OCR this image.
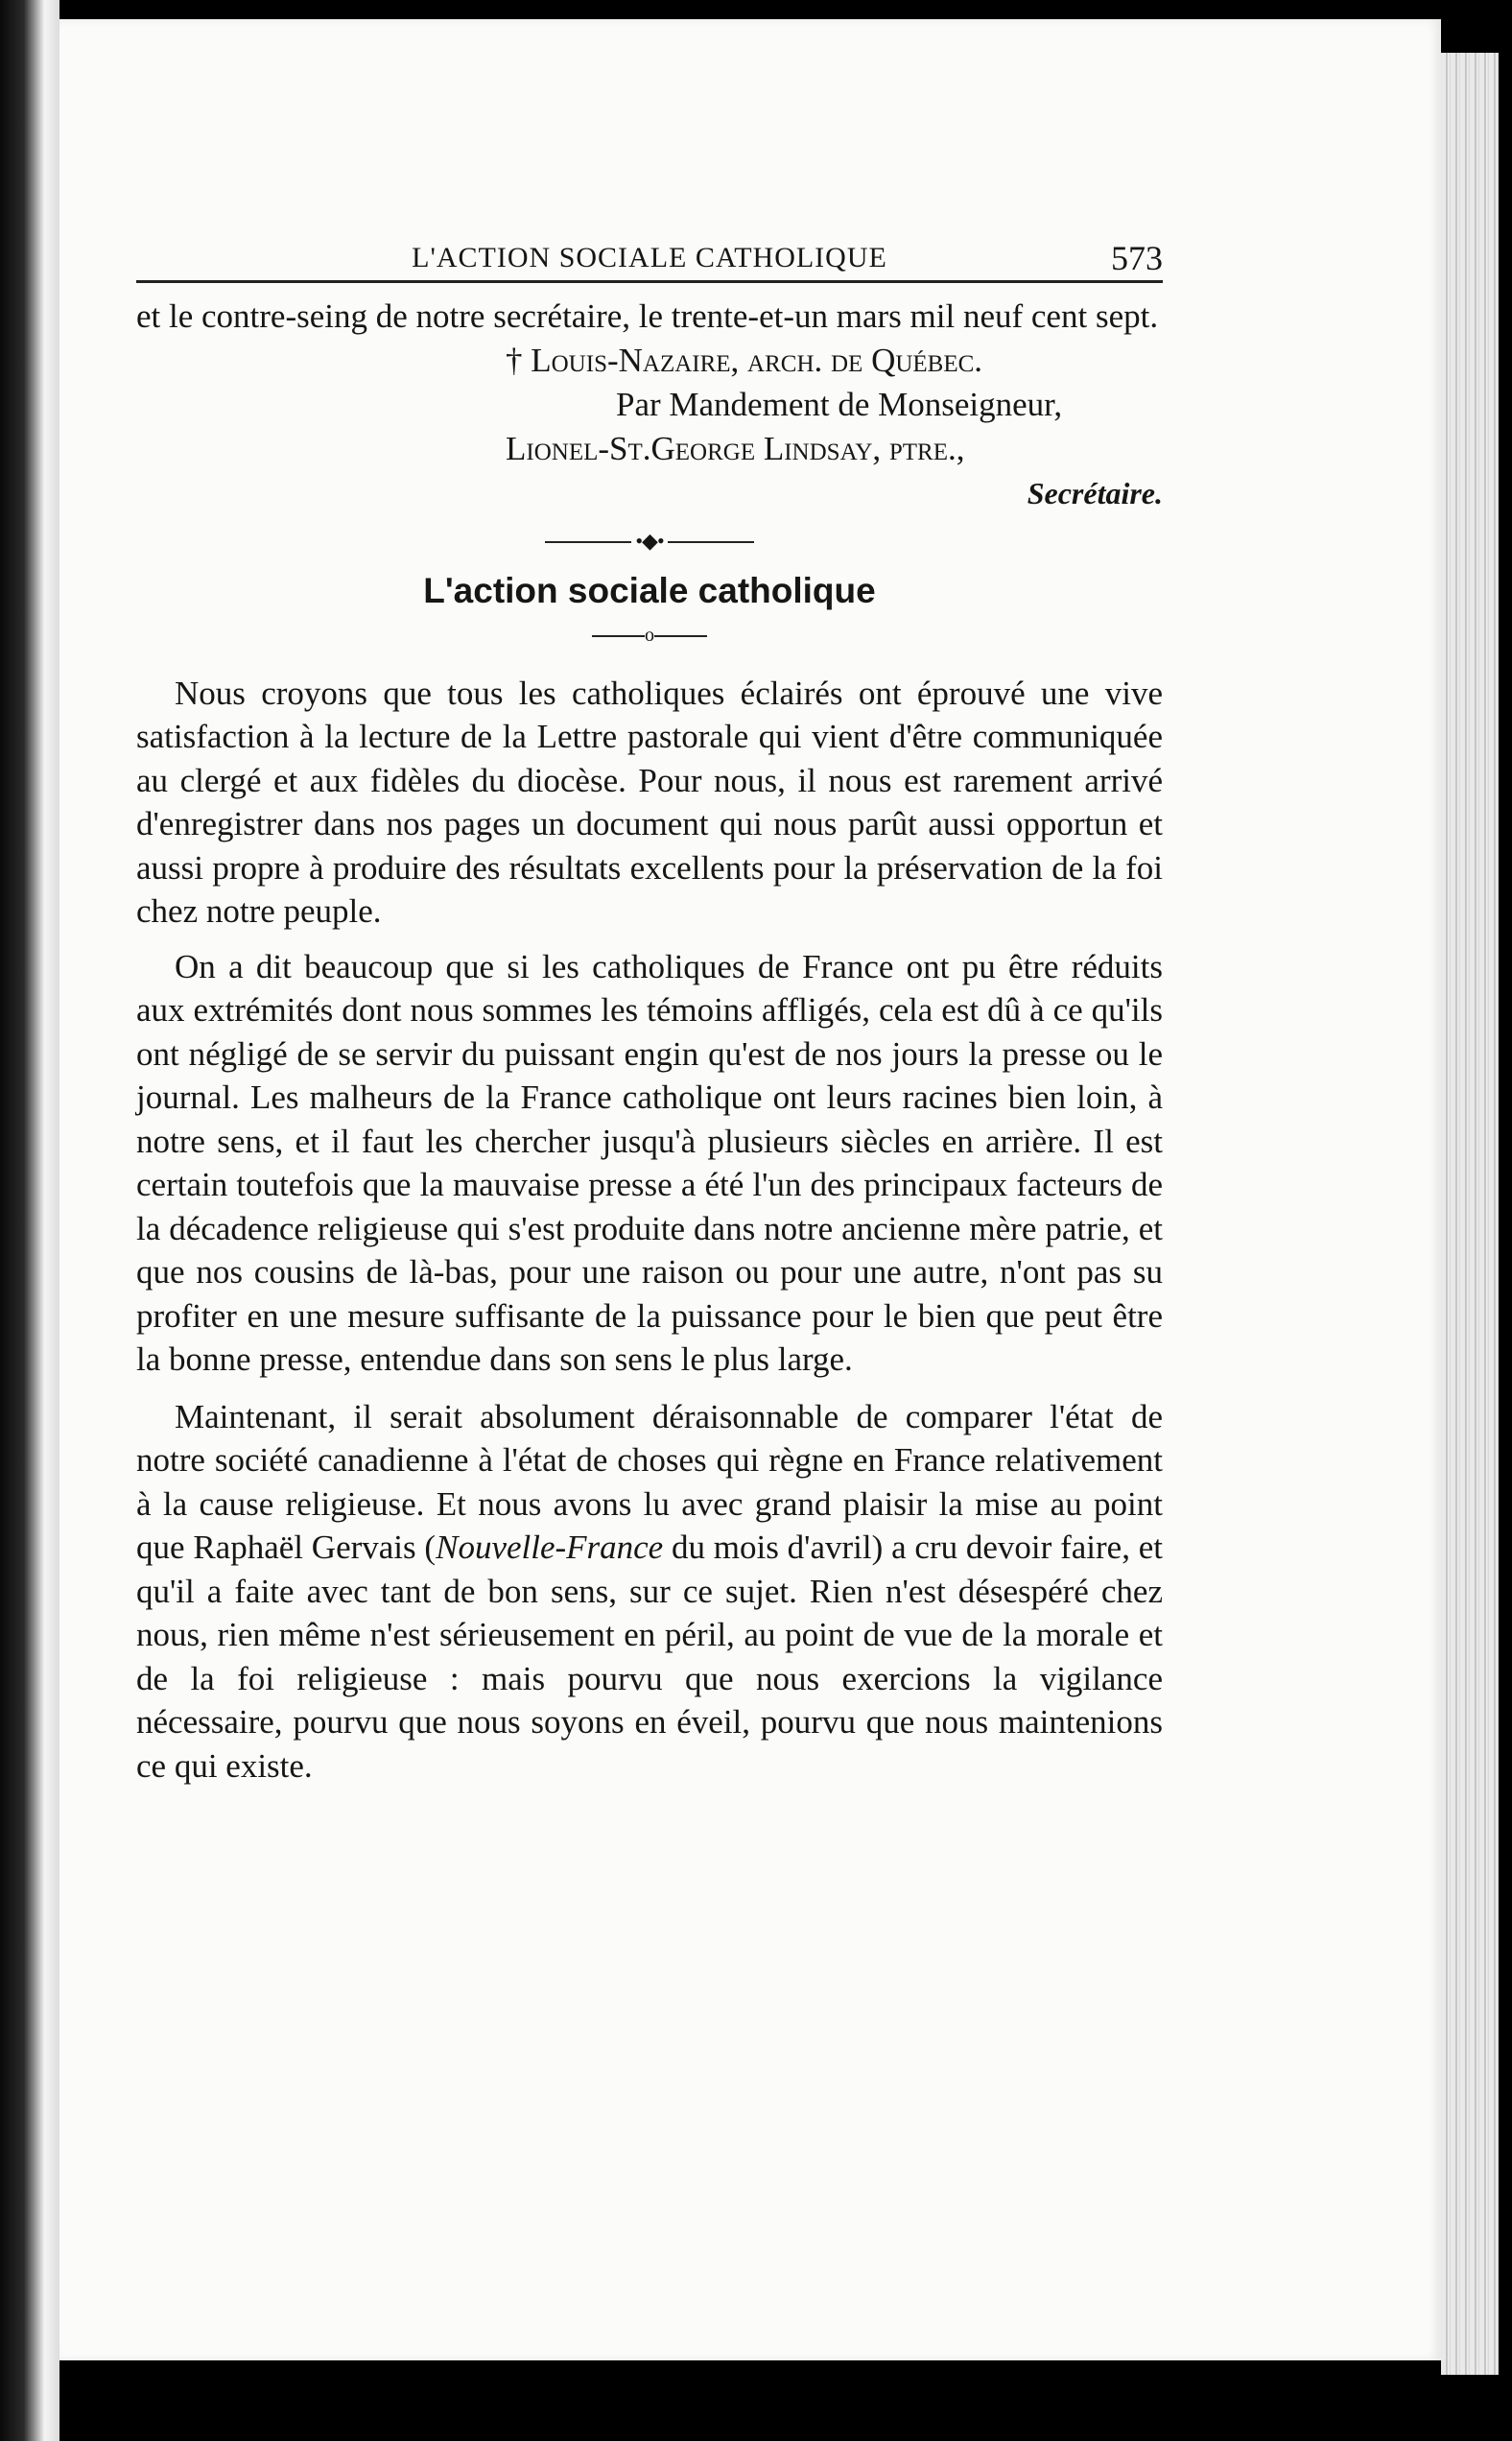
L'ACTION SOCIALE CATHOLIQUE	573

et le contre-seing de notre secrétaire, le trente-et-un mars mil neuf cent sept.

† Louis-Nazaire, arch. de Québec.
Par Mandement de Monseigneur,
Lionel-St.George Lindsay, ptre.,
Secrétaire.
•◆•
L'action sociale catholique
o

Nous croyons que tous les catholiques éclairés ont éprouvé une vive satisfaction à la lecture de la Lettre pastorale qui vient d'être communiquée au clergé et aux fidèles du diocèse. Pour nous, il nous est rarement arrivé d'enregistrer dans nos pages un document qui nous parût aussi opportun et aussi propre à produire des résultats excellents pour la préservation de la foi chez notre peuple.

On a dit beaucoup que si les catholiques de France ont pu être réduits aux extrémités dont nous sommes les témoins affligés, cela est dû à ce qu'ils ont négligé de se servir du puissant engin qu'est de nos jours la presse ou le journal. Les malheurs de la France catholique ont leurs racines bien loin, à notre sens, et il faut les chercher jusqu'à plusieurs siècles en arrière. Il est certain toutefois que la mauvaise presse a été l'un des principaux facteurs de la décadence religieuse qui s'est produite dans notre ancienne mère patrie, et que nos cousins de là-bas, pour une raison ou pour une autre, n'ont pas su profiter en une mesure suffisante de la puissance pour le bien que peut être la bonne presse, entendue dans son sens le plus large.

Maintenant, il serait absolument déraisonnable de comparer l'état de notre société canadienne à l'état de choses qui règne en France relativement à la cause religieuse. Et nous avons lu avec grand plaisir la mise au point que Raphaël Gervais (Nouvelle-France du mois d'avril) a cru devoir faire, et qu'il a faite avec tant de bon sens, sur ce sujet. Rien n'est désespéré chez nous, rien même n'est sérieusement en péril, au point de vue de la morale et de la foi religieuse : mais pourvu que nous exercions la vigilance nécessaire, pourvu que nous soyons en éveil, pourvu que nous maintenions ce qui existe.
